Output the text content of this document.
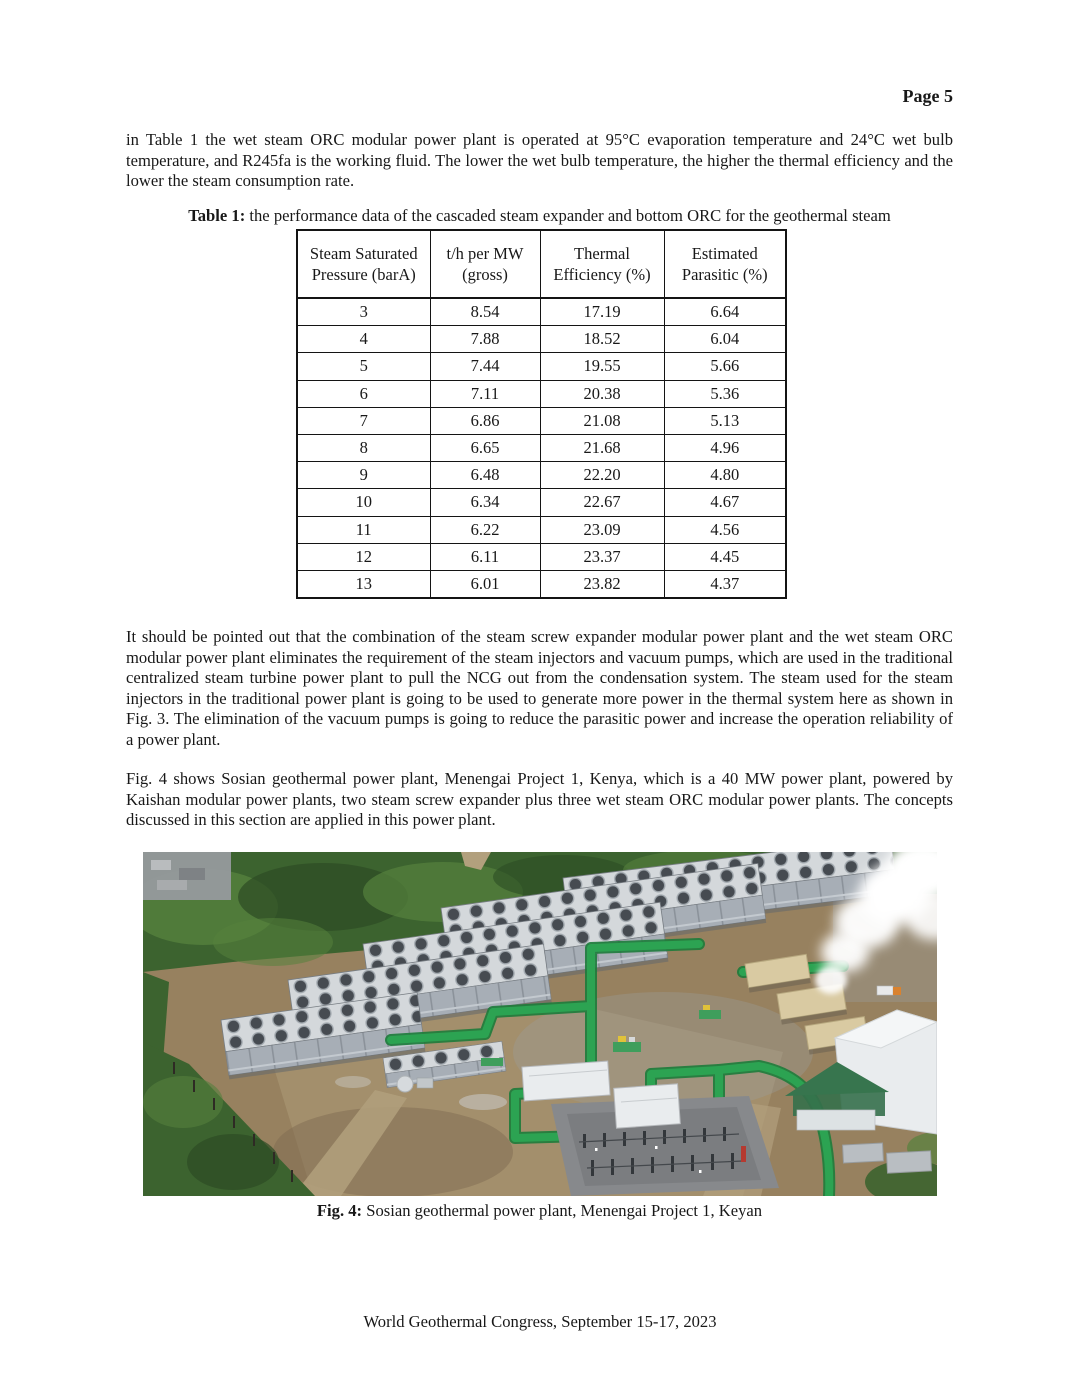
Page 5

in Table 1 the wet steam ORC modular power plant is operated at 95°C evaporation temperature and 24°C wet bulb temperature, and R245fa is the working fluid. The lower the wet bulb temperature, the higher the thermal efficiency and the lower the steam consumption rate.

Table 1: the performance data of the cascaded steam expander and bottom ORC for the geothermal steam
Steam Saturated Pressure (barA)	t/h per MW (gross)	Thermal Efficiency (%)	Estimated Parasitic (%)
3	8.54	17.19	6.64
4	7.88	18.52	6.04
5	7.44	19.55	5.66
6	7.11	20.38	5.36
7	6.86	21.08	5.13
8	6.65	21.68	4.96
9	6.48	22.20	4.80
10	6.34	22.67	4.67
11	6.22	23.09	4.56
12	6.11	23.37	4.45
13	6.01	23.82	4.37

It should be pointed out that the combination of the steam screw expander modular power plant and the wet steam ORC modular power plant eliminates the requirement of the steam injectors and vacuum pumps, which are used in the traditional centralized steam turbine power plant to pull the NCG out from the condensation system. The steam used for the steam injectors in the traditional power plant is going to be used to generate more power in the thermal system here as shown in Fig. 3. The elimination of the vacuum pumps is going to reduce the parasitic power and increase the operation reliability of a power plant.

Fig. 4 shows Sosian geothermal power plant, Menengai Project 1, Kenya, which is a 40 MW power plant, powered by Kaishan modular power plants, two steam screw expander plus three wet steam ORC modular power plants. The concepts discussed in this section are applied in this power plant.

Fig. 4: Sosian geothermal power plant, Menengai Project 1, Keyan
World Geothermal Congress, September 15-17, 2023
